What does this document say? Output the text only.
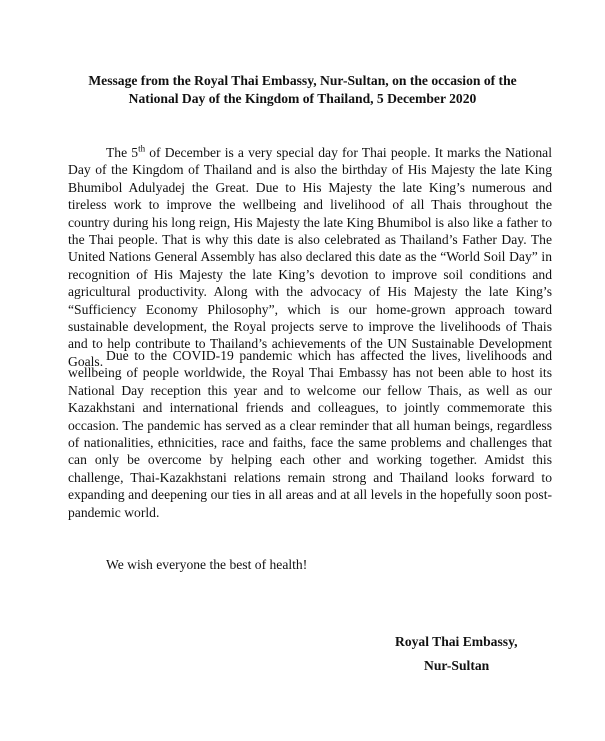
Message from the Royal Thai Embassy, Nur-Sultan, on the occasion of the
National Day of the Kingdom of Thailand, 5 December 2020

The 5th of December is a very special day for Thai people. It marks the National Day of the Kingdom of Thailand and is also the birthday of His Majesty the late King Bhumibol Adulyadej the Great. Due to His Majesty the late King’s numerous and tireless work to improve the wellbeing and livelihood of all Thais throughout the country during his long reign, His Majesty the late King Bhumibol is also like a father to the Thai people. That is why this date is also celebrated as Thailand’s Father Day. The United Nations General Assembly has also declared this date as the “World Soil Day” in recognition of His Majesty the late King’s devotion to improve soil conditions and agricultural productivity. Along with the advocacy of His Majesty the late King’s “Sufficiency Economy Philosophy”, which is our home-grown approach toward sustainable development, the Royal projects serve to improve the livelihoods of Thais and to help contribute to Thailand’s achievements of the UN Sustainable Development Goals. Due to the COVID-19 pandemic which has affected the lives, livelihoods and wellbeing of people worldwide, the Royal Thai Embassy has not been able to host its National Day reception this year and to welcome our fellow Thais, as well as our Kazakhstani and international friends and colleagues, to jointly commemorate this occasion. The pandemic has served as a clear reminder that all human beings, regardless of nationalities, ethnicities, race and faiths, face the same problems and challenges that can only be overcome by helping each other and working together. Amidst this challenge, Thai-Kazakhstani relations remain strong and Thailand looks forward to expanding and deepening our ties in all areas and at all levels in the hopefully soon post-pandemic world.

We wish everyone the best of health!

Royal Thai Embassy,

Nur-Sultan
